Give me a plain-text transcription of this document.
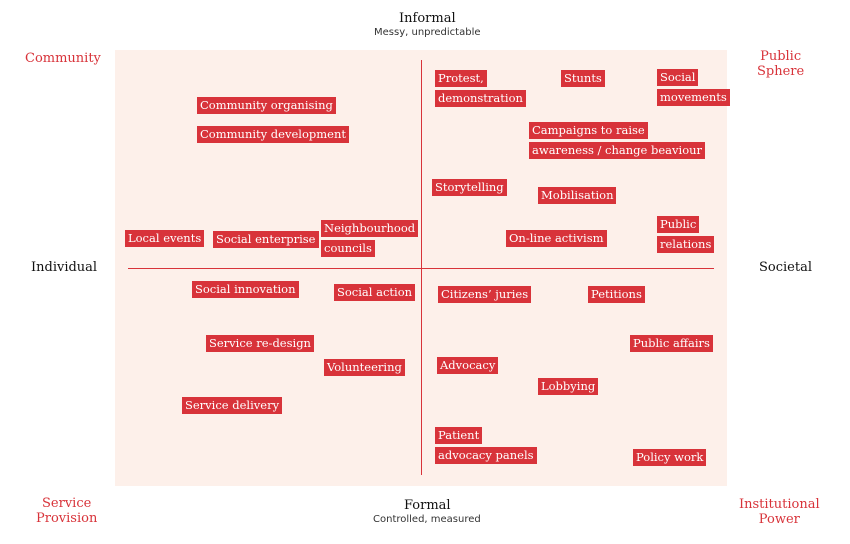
Informal
Messy, unpredictable
Formal
Controlled, measured
Individual	Societal
Community	Public
Sphere
Service
Provision
Institutional
Power
Community organising
Community development
Protest,
demonstration
Stunts	Social
movements
Campaigns to raise
awareness / change beaviour
Storytelling
Mobilisation
Local events Social enterprise
Neighbourhood
councils
On-line activism
Public
relations
Social innovation	Social action	Citizens’ juries	Petitions
Service re-design	Public affairs
Volunteering	Advocacy
Lobbying
Service delivery
Patient
advocacy panels	Policy work
